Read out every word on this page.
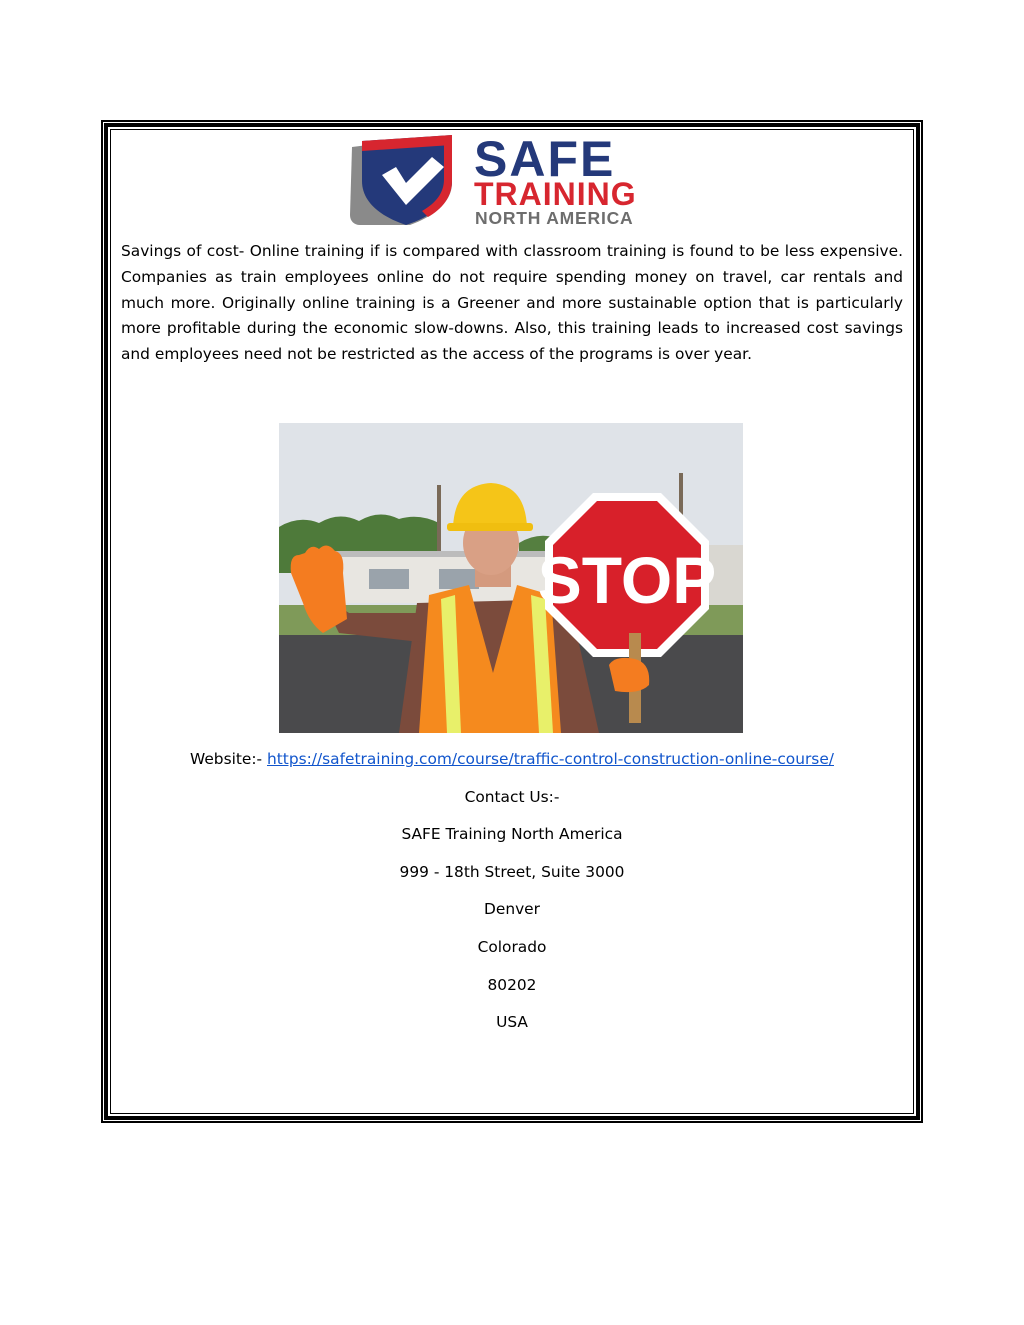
SAFE
TRAINING
NORTH AMERICA
Savings of cost- Online training if is compared with classroom training is found to be less expensive. Companies as train employees online do not require spending money on travel, car rentals and much more. Originally online training is a Greener and more sustainable option that is particularly more profitable during the economic slow-downs. Also, this training leads to increased cost savings and employees need not be restricted as the access of the programs is over year.
STOP
Website:- https://safetraining.com/course/traffic-control-construction-online-course/
Contact Us:-
SAFE Training North America
999 - 18th Street, Suite 3000
Denver
Colorado
80202
USA
